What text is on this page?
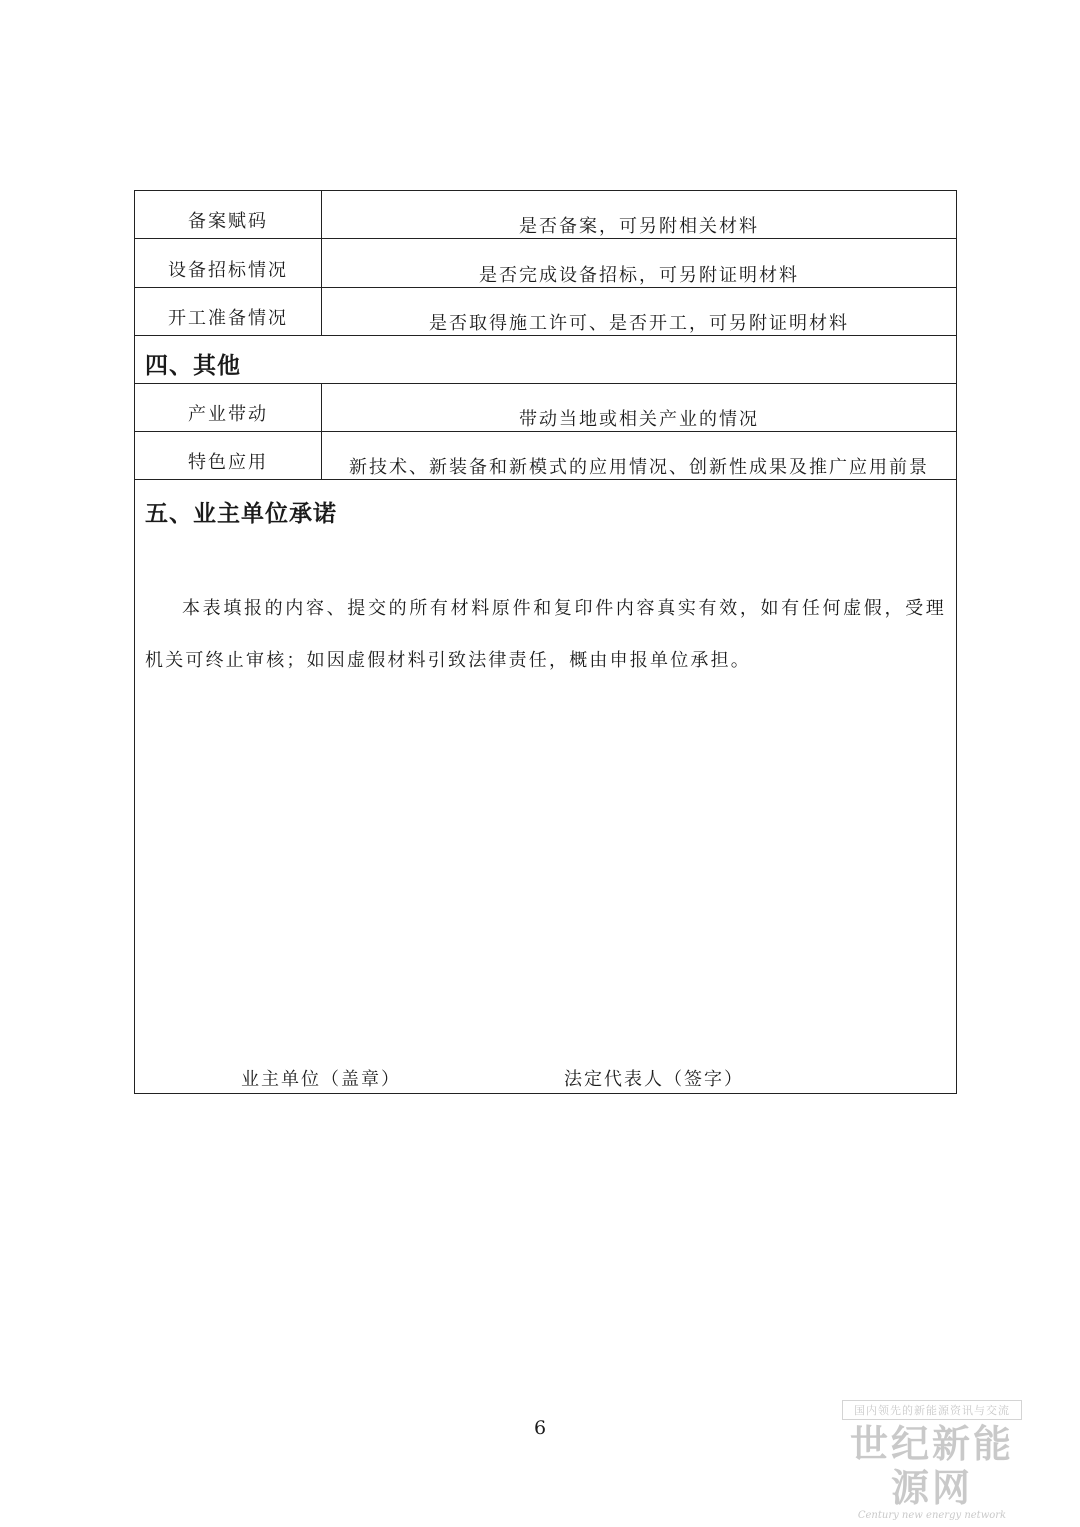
备案赋码	是否备案，可另附相关材料
设备招标情况	是否完成设备招标，可另附证明材料
开工准备情况	是否取得施工许可、是否开工，可另附证明材料
四、其他
产业带动	带动当地或相关产业的情况
特色应用	新技术、新装备和新模式的应用情况、创新性成果及推广应用前景
五、业主单位承诺
本表填报的内容、提交的所有材料原件和复印件内容真实有效，如有任何虚假，受理机关可终止审核；如因虚假材料引致法律责任，概由申报单位承担。
业主单位（盖章）	法定代表人（签字）
6
国内领先的新能源资讯与交流
世纪新能源网
Century new energy network
